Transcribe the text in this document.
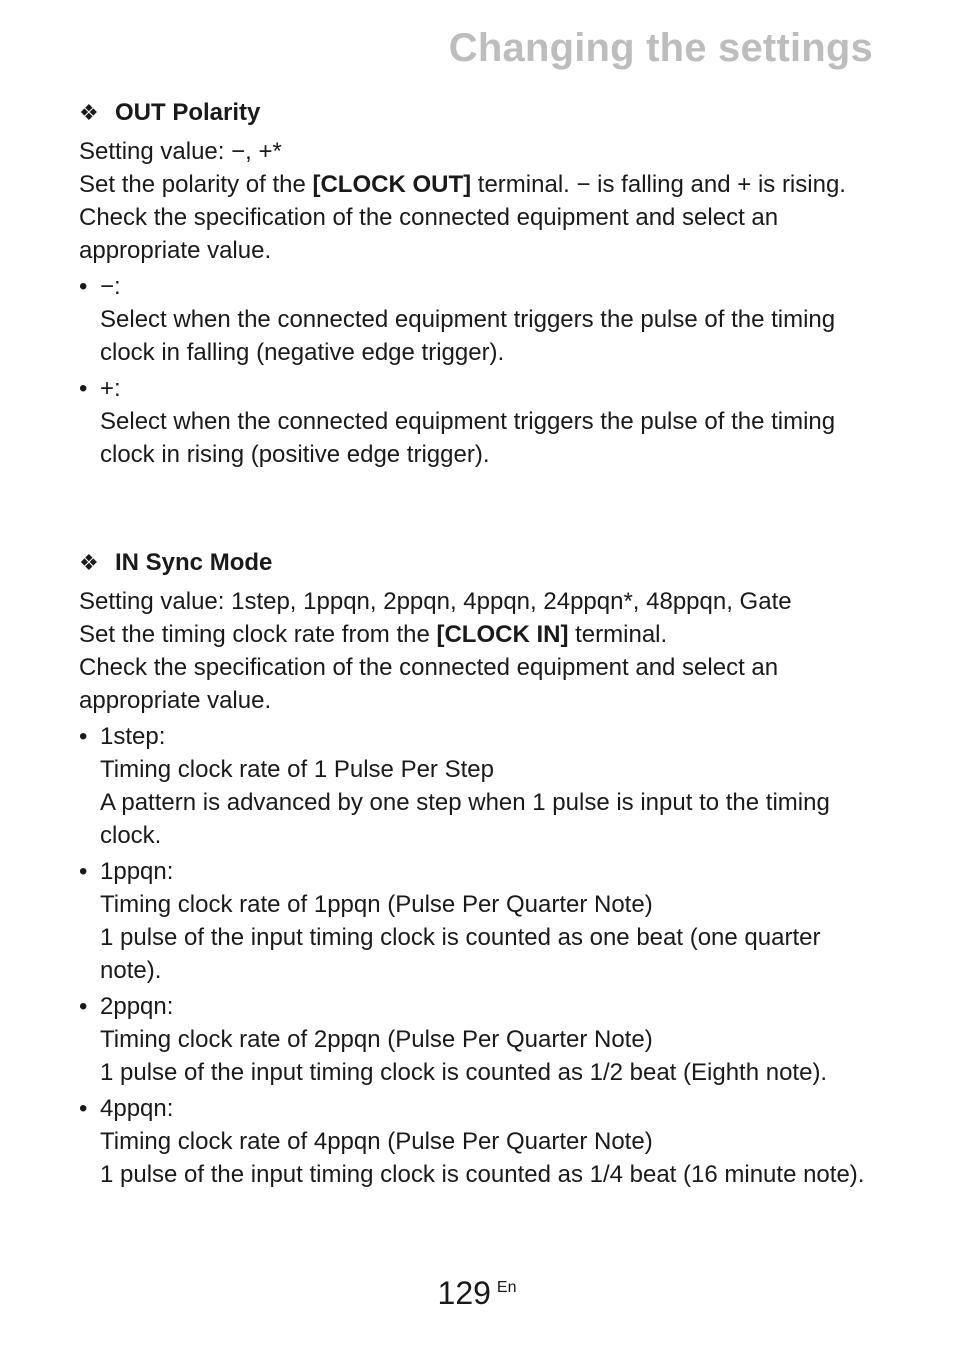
Changing the settings
❖ OUT Polarity

Setting value: −, +*

Set the polarity of the [CLOCK OUT] terminal. − is falling and + is rising.

Check the specification of the connected equipment and select an appropriate value.

• −:

Select when the connected equipment triggers the pulse of the timing clock in falling (negative edge trigger).

• +:

Select when the connected equipment triggers the pulse of the timing clock in rising (positive edge trigger).

❖ IN Sync Mode

Setting value: 1step, 1ppqn, 2ppqn, 4ppqn, 24ppqn*, 48ppqn, Gate

Set the timing clock rate from the [CLOCK IN] terminal.

Check the specification of the connected equipment and select an appropriate value.

• 1step:

Timing clock rate of 1 Pulse Per Step

A pattern is advanced by one step when 1 pulse is input to the timing clock.

• 1ppqn:

Timing clock rate of 1ppqn (Pulse Per Quarter Note)

1 pulse of the input timing clock is counted as one beat (one quarter note).

• 2ppqn:

Timing clock rate of 2ppqn (Pulse Per Quarter Note)

1 pulse of the input timing clock is counted as 1/2 beat (Eighth note).

• 4ppqn:

Timing clock rate of 4ppqn (Pulse Per Quarter Note)

1 pulse of the input timing clock is counted as 1/4 beat (16 minute note).

129 $^{En}$
